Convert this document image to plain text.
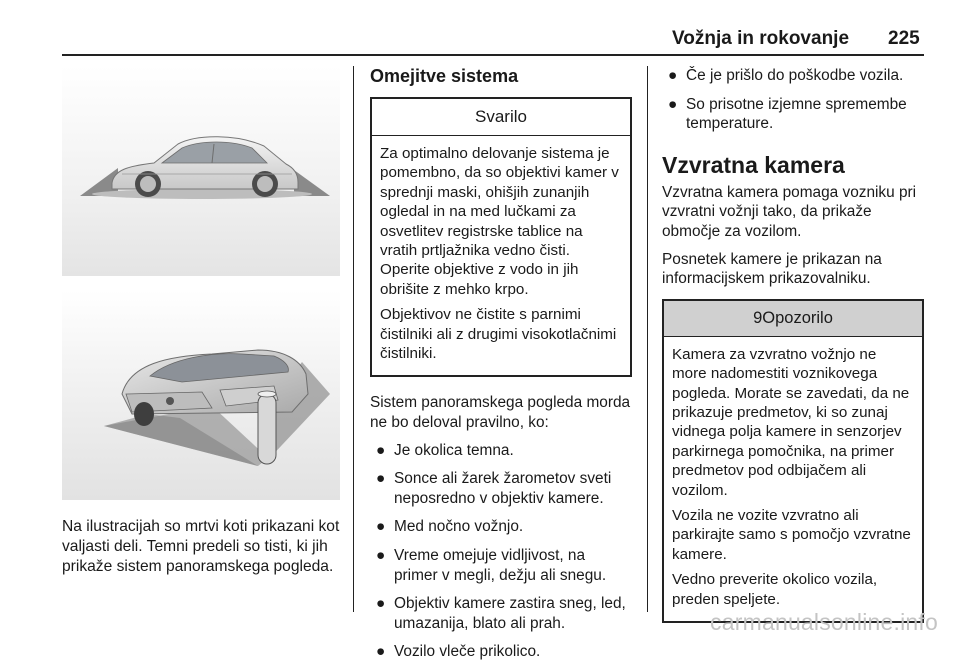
Vožnja in rokovanje 225
Na ilustracijah so mrtvi koti prikazani kot valjasti deli. Temni predeli so tisti, ki jih prikaže sistem panoramskega pogleda.
Omejitve sistema
Svarilo

Za optimalno delovanje sistema je pomembno, da so objektivi kamer v sprednji maski, ohišjih zunanjih ogledal in na med lučkami za osvetlitev registrske tablice na vratih prtljažnika vedno čisti. Operite objektive z vodo in jih obrišite z mehko krpo.

Objektivov ne čistite s parnimi čistilniki ali z drugimi visokotlačnimi čistilniki.

Sistem panoramskega pogleda morda ne bo deloval pravilno, ko:

● Je okolica temna.
● Sonce ali žarek žarometov sveti neposredno v objektiv kamere.
● Med nočno vožnjo.
● Vreme omejuje vidljivost, na primer v megli, dežju ali snegu.
● Objektiv kamere zastira sneg, led, umazanija, blato ali prah.
● Vozilo vleče prikolico.
● Če je prišlo do poškodbe vozila.
● So prisotne izjemne spremembe temperature.
Vzvratna kamera

Vzvratna kamera pomaga vozniku pri vzvratni vožnji tako, da prikaže območje za vozilom.

Posnetek kamere je prikazan na informacijskem prikazovalniku.

9Opozorilo

Kamera za vzvratno vožnjo ne more nadomestiti voznikovega pogleda. Morate se zavedati, da ne prikazuje predmetov, ki so zunaj vidnega polja kamere in senzorjev parkirnega pomočnika, na primer predmetov pod odbijačem ali vozilom.

Vozila ne vozite vzvratno ali parkirajte samo s pomočjo vzvratne kamere.

Vedno preverite okolico vozila, preden speljete.

carmanualsonline.info
